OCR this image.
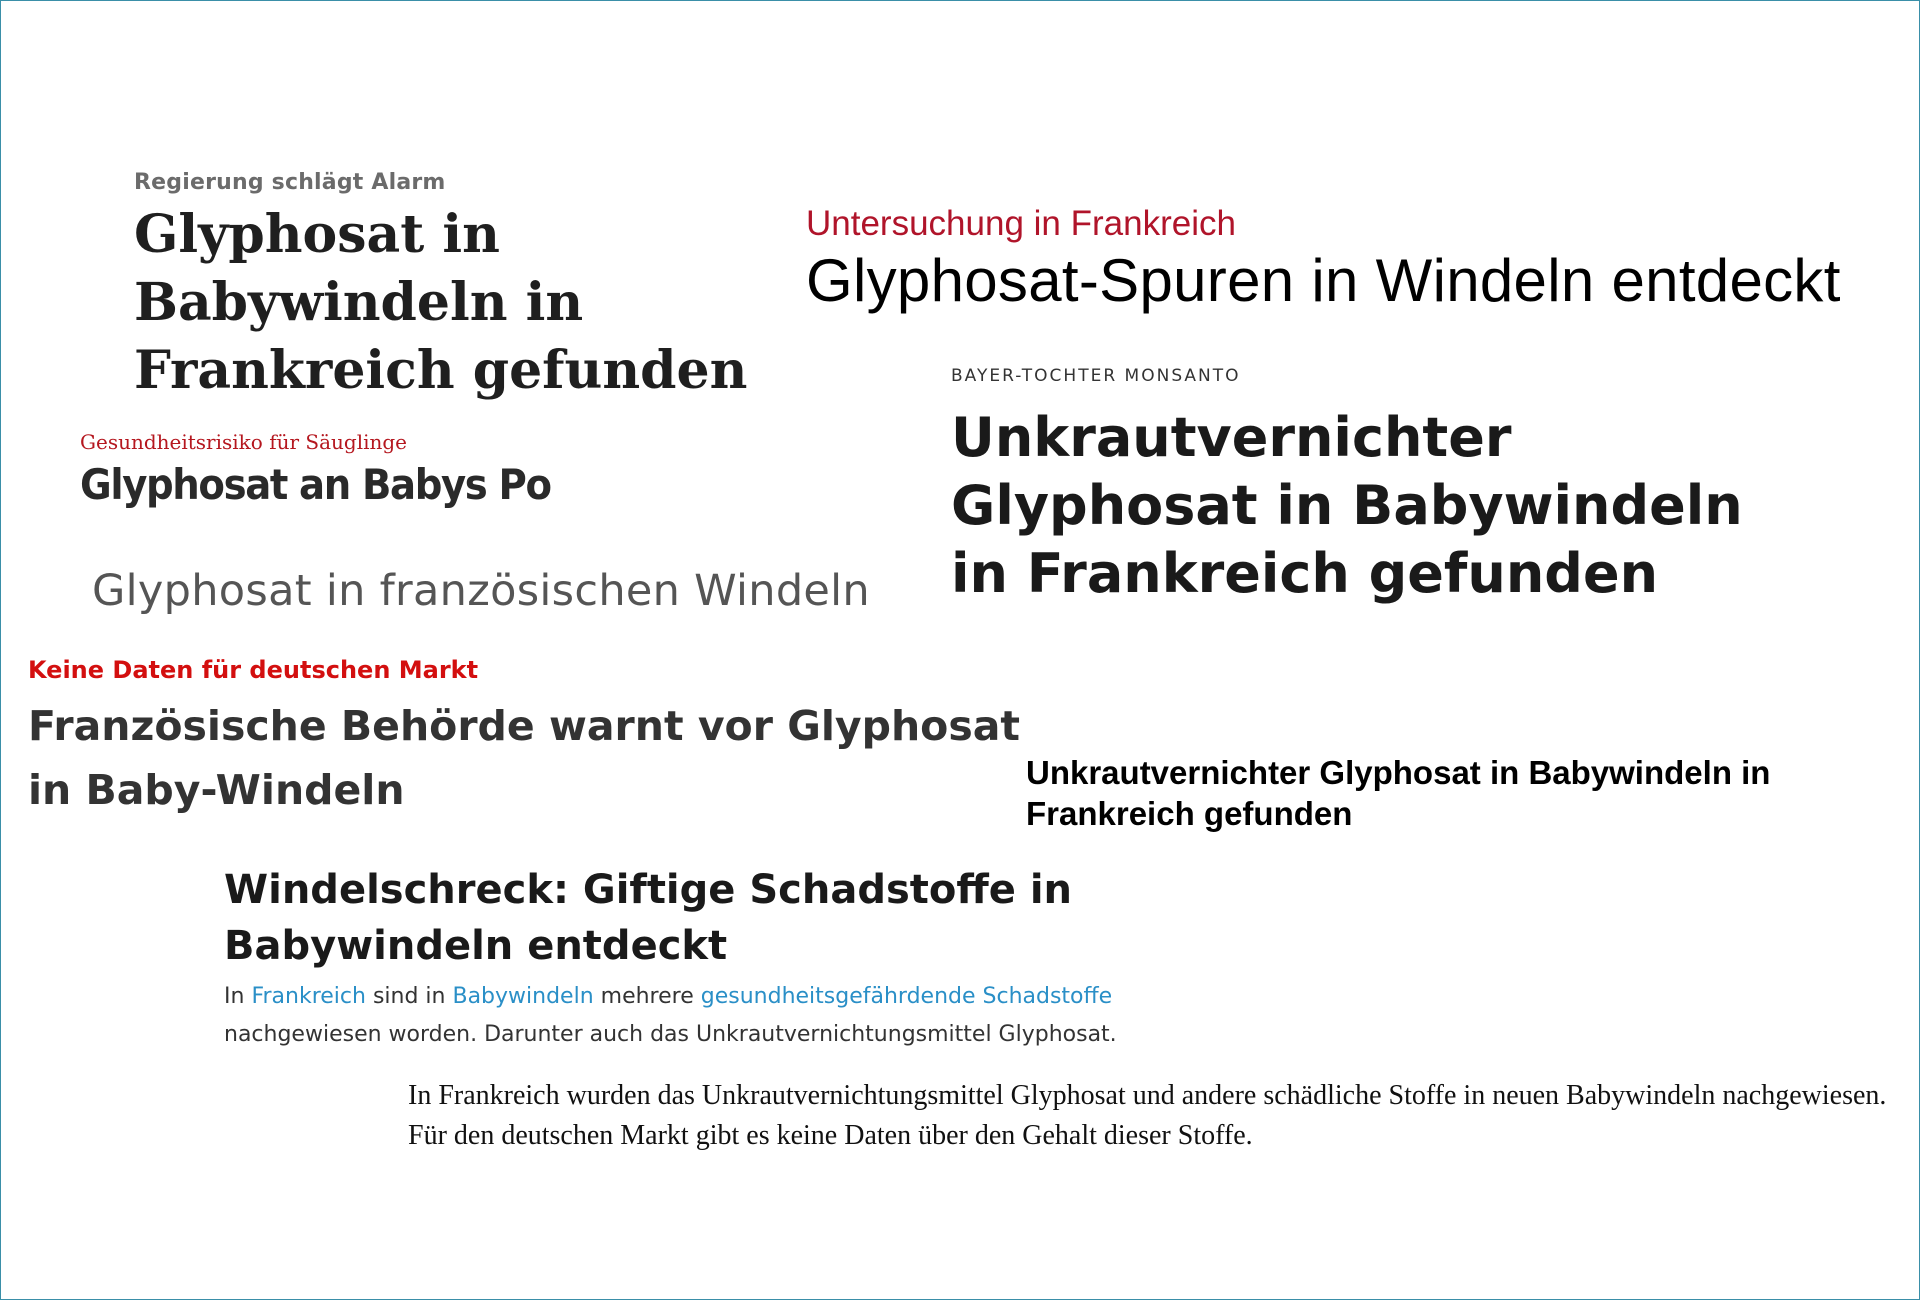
Regierung schlägt Alarm
Glyphosat in Babywindeln in Frankreich gefunden
Untersuchung in Frankreich
Glyphosat-Spuren in Windeln entdeckt
BAYER-TOCHTER MONSANTO
Unkrautvernichter Glyphosat in Babywindeln in Frankreich gefunden
Gesundheitsrisiko für Säuglinge
Glyphosat an Babys Po
Glyphosat in französischen Windeln
Keine Daten für deutschen Markt
Französische Behörde warnt vor Glyphosat in Baby-Windeln	Unkrautvernichter Glyphosat in Babywindeln in Frankreich gefunden
Windelschreck: Giftige Schadstoffe in Babywindeln entdeckt
In Frankreich sind in Babywindeln mehrere gesundheitsgefährdende Schadstoffe nachgewiesen worden. Darunter auch das Unkrautvernichtungsmittel Glyphosat.
In Frankreich wurden das Unkrautvernichtungsmittel Glyphosat und andere schädliche Stoffe in neuen Babywindeln nachgewiesen. Für den deutschen Markt gibt es keine Daten über den Gehalt dieser Stoffe.
